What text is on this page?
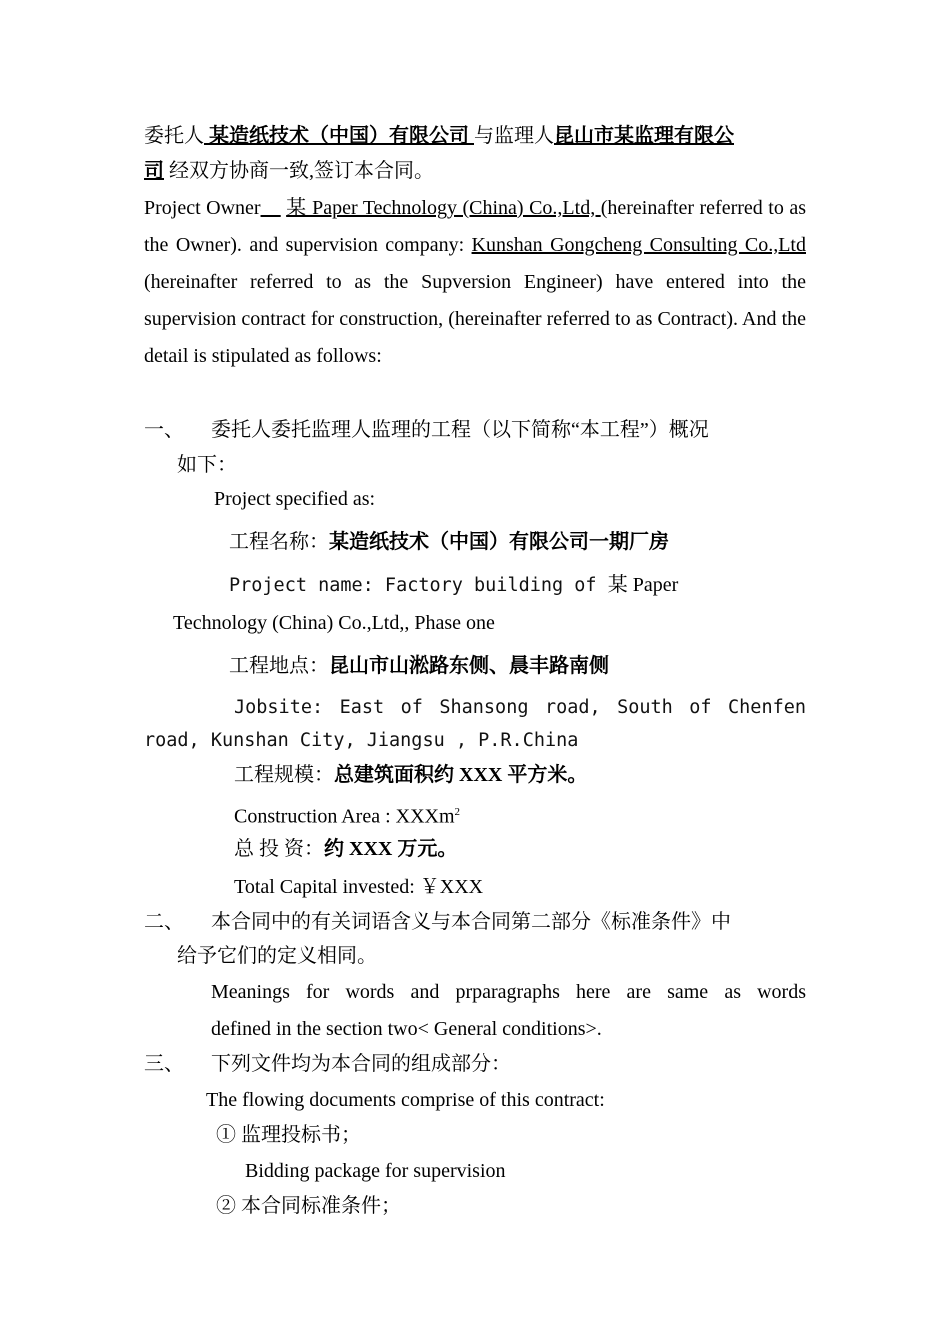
委托人 某造纸技术（中国）有限公司 与监理人昆山市某监理有限公
司 经双方协商一致,签订本合同。
Project Owner__ 某 Paper Technology (China) Co.,Ltd, (hereinafter referred to as the Owner). and supervision company: Kunshan Gongcheng Consulting Co.,Ltd (hereinafter referred to as the Supversion Engineer) have entered into the supervision contract for construction, (hereinafter referred to as Contract). And the detail is stipulated as follows:
一、 委托人委托监理人监理的工程（以下简称“本工程”）概况
如下：
Project specified as:
工程名称：某造纸技术（中国）有限公司一期厂房
Project name: Factory building of 某 Paper
Technology (China) Co.,Ltd,, Phase one
工程地点：昆山市山淞路东侧、晨丰路南侧
Jobsite: East of Shansong road, South of Chenfen
road, Kunshan City, Jiangsu , P.R.China
工程规模：总建筑面积约 XXX 平方米。
Construction Area : XXXm$^2$
总 投 资：约 XXX 万元。
Total Capital invested: ￥XXX
二、 本合同中的有关词语含义与本合同第二部分《标准条件》中
给予它们的定义相同。
Meanings for words and prparagraphs here are same as words
defined in the section two< General conditions>.
三、 下列文件均为本合同的组成部分：
The flowing documents comprise of this contract:
① 监理投标书；
Bidding package for supervision
② 本合同标准条件；
